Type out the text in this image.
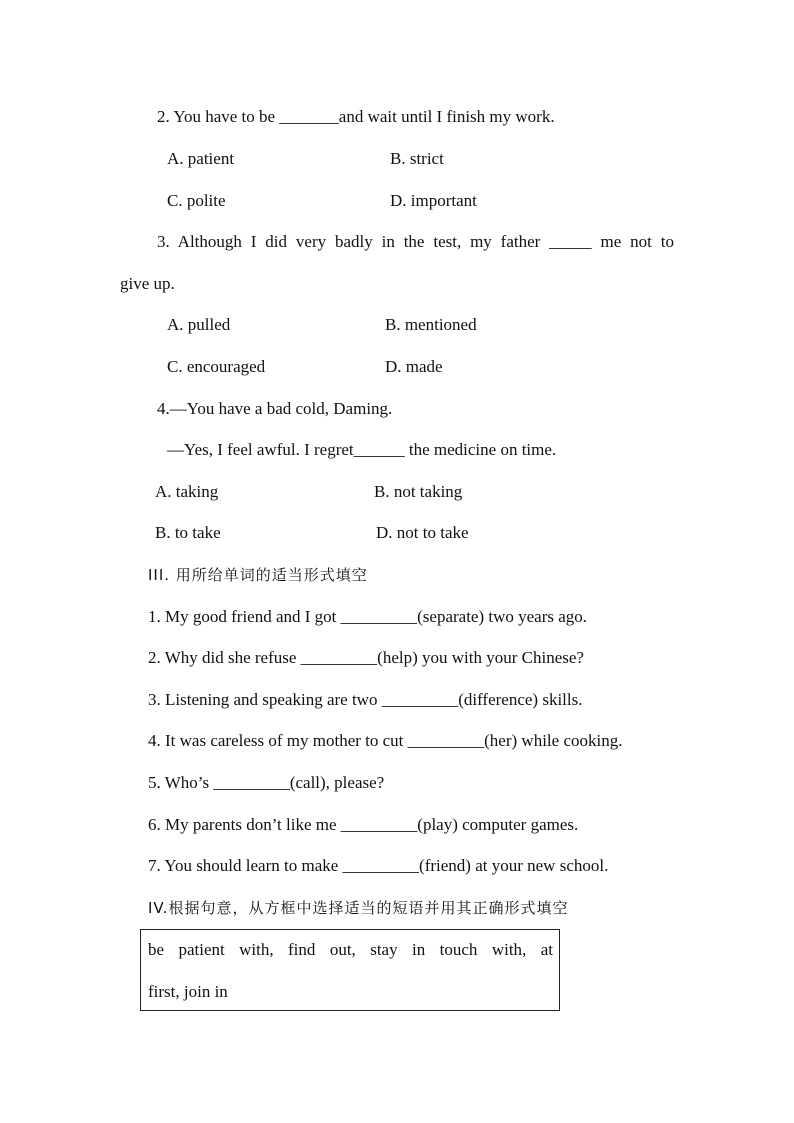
2. You have to be _______and wait until I finish my work.
A. patient	B. strict
C. polite	D. important
3. Although I did very badly in the test, my father _____ me not to
give up.
A. pulled	B. mentioned
C. encouraged	D. made
4.—You have a bad cold, Daming.
—Yes, I feel awful. I regret______ the medicine on time.
A. taking	B. not taking
B. to take	D. not to take
III. 用所给单词的适当形式填空
1. My good friend and I got _________(separate) two years ago.
2. Why did she refuse _________(help) you with your Chinese?
3. Listening and speaking are two _________(difference) skills.
4. It was careless of my mother to cut _________(her) while cooking.
5. Who’s _________(call), please?
6. My parents don’t like me _________(play) computer games.
7. You should learn to make _________(friend) at your new school.
IV.根据句意，从方框中选择适当的短语并用其正确形式填空
be patient with, find out, stay in touch with, at
first, join in
